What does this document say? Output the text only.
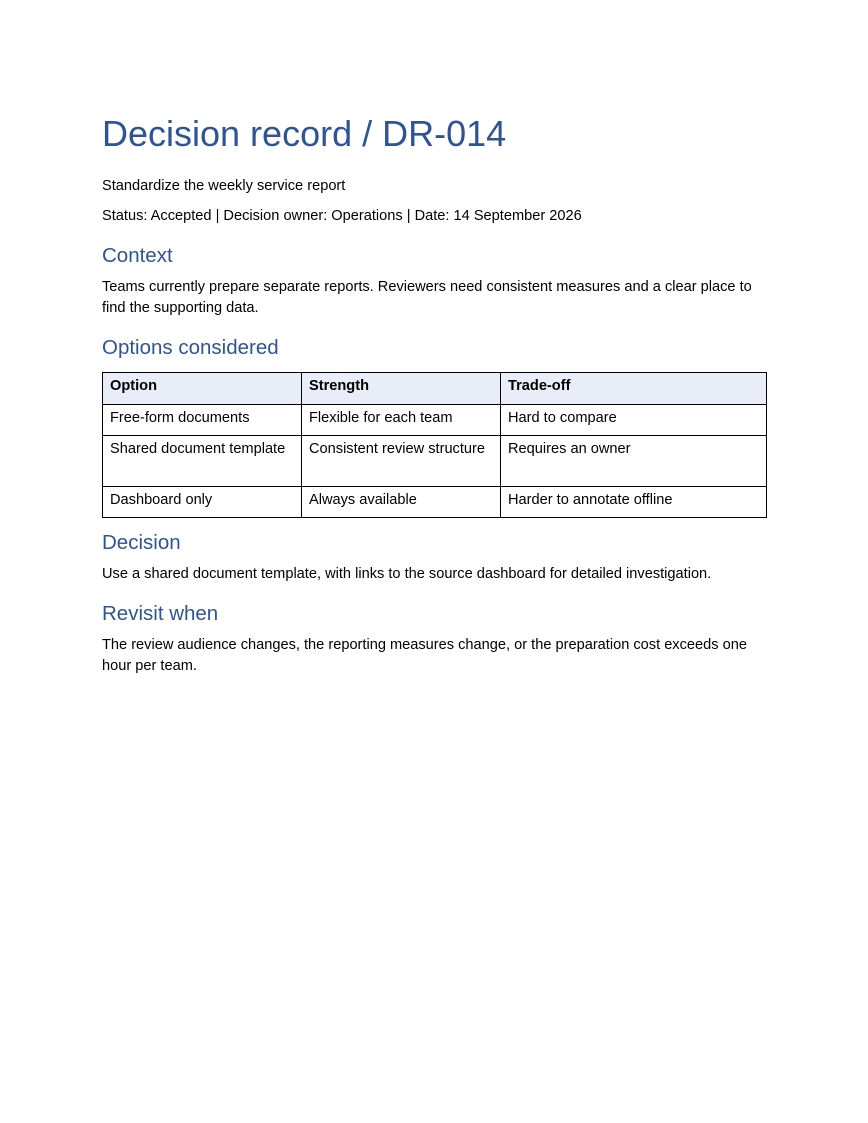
Decision record / DR-014

Standardize the weekly service report

Status: Accepted | Decision owner: Operations | Date: 14 September 2026

Context

Teams currently prepare separate reports. Reviewers need consistent measures and a clear place to find the supporting data.

Options considered
Option	Strength	Trade-off
Free-form documents	Flexible for each team	Hard to compare
Shared document template	Consistent review structure	Requires an owner
Dashboard only	Always available	Harder to annotate offline
Decision

Use a shared document template, with links to the source dashboard for detailed investigation.

Revisit when

The review audience changes, the reporting measures change, or the preparation cost exceeds one hour per team.
